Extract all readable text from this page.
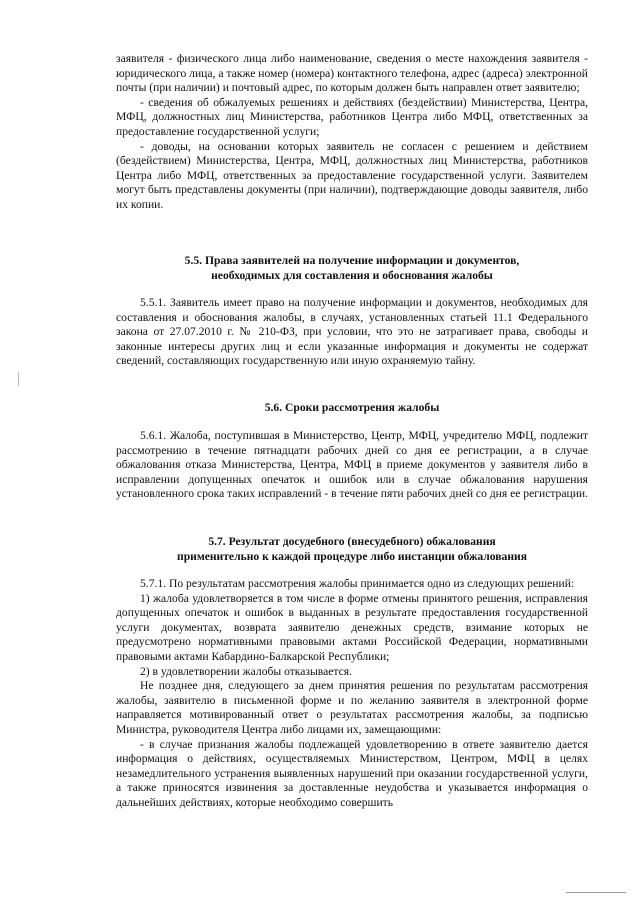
заявителя - физического лица либо наименование, сведения о месте нахождения заявителя - юридического лица, а также номер (номера) контактного телефона, адрес (адреса) электронной почты (при наличии) и почтовый адрес, по которым должен быть направлен ответ заявителю;

- сведения об обжалуемых решениях и действиях (бездействии) Министерства, Центра, МФЦ, должностных лиц Министерства, работников Центра либо МФЦ, ответственных за предоставление государственной услуги;

- доводы, на основании которых заявитель не согласен с решением и действием (бездействием) Министерства, Центра, МФЦ, должностных лиц Министерства, работников Центра либо МФЦ, ответственных за предоставление государственной услуги. Заявителем могут быть представлены документы (при наличии), подтверждающие доводы заявителя, либо их копии.

5.5. Права заявителей на получение информации и документов,

необходимых для составления и обоснования жалобы

5.5.1. Заявитель имеет право на получение информации и документов, необходимых для составления и обоснования жалобы, в случаях, установленных статьей 11.1 Федерального закона от 27.07.2010 г. № 210-ФЗ, при условии, что это не затрагивает права, свободы и законные интересы других лиц и если указанные информация и документы не содержат сведений, составляющих государственную или иную охраняемую тайну.

5.6. Сроки рассмотрения жалобы

5.6.1. Жалоба, поступившая в Министерство, Центр, МФЦ, учредителю МФЦ, подлежит рассмотрению в течение пятнадцати рабочих дней со дня ее регистрации, а в случае обжалования отказа Министерства, Центра, МФЦ в приеме документов у заявителя либо в исправлении допущенных опечаток и ошибок или в случае обжалования нарушения установленного срока таких исправлений - в течение пяти рабочих дней со дня ее регистрации.

5.7. Результат досудебного (внесудебного) обжалования

применительно к каждой процедуре либо инстанции обжалования

5.7.1. По результатам рассмотрения жалобы принимается одно из следующих решений:

1) жалоба удовлетворяется в том числе в форме отмены принятого решения, исправления допущенных опечаток и ошибок в выданных в результате предоставления государственной услуги документах, возврата заявителю денежных средств, взимание которых не предусмотрено нормативными правовыми актами Российской Федерации, нормативными правовыми актами Кабардино-Балкарской Республики;

2) в удовлетворении жалобы отказывается.

Не позднее дня, следующего за днем принятия решения по результатам рассмотрения жалобы, заявителю в письменной форме и по желанию заявителя в электронной форме направляется мотивированный ответ о результатах рассмотрения жалобы, за подписью Министра, руководителя Центра либо лицами их, замещающими:

- в случае признания жалобы подлежащей удовлетворению в ответе заявителю дается информация о действиях, осуществляемых Министерством, Центром, МФЦ в целях незамедлительного устранения выявленных нарушений при оказании государственной услуги, а также приносятся извинения за доставленные неудобства и указывается информация о дальнейших действиях, которые необходимо совершить
